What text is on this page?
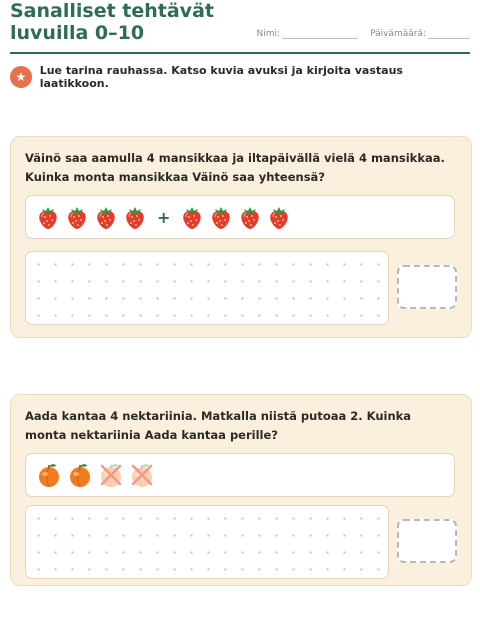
Sanalliset tehtävät
luvuilla 0–10	Nimi:	Päivämäärä:
★	Lue tarina rauhassa. Katso kuvia avuksi ja kirjoita vastaus laatikkoon.
Väinö saa aamulla 4 mansikkaa ja iltapäivällä vielä 4 mansikkaa. Kuinka monta mansikkaa Väinö saa yhteensä?
+
Aada kantaa 4 nektariinia. Matkalla niistä putoaa 2. Kuinka monta nektariinia Aada kantaa perille?
